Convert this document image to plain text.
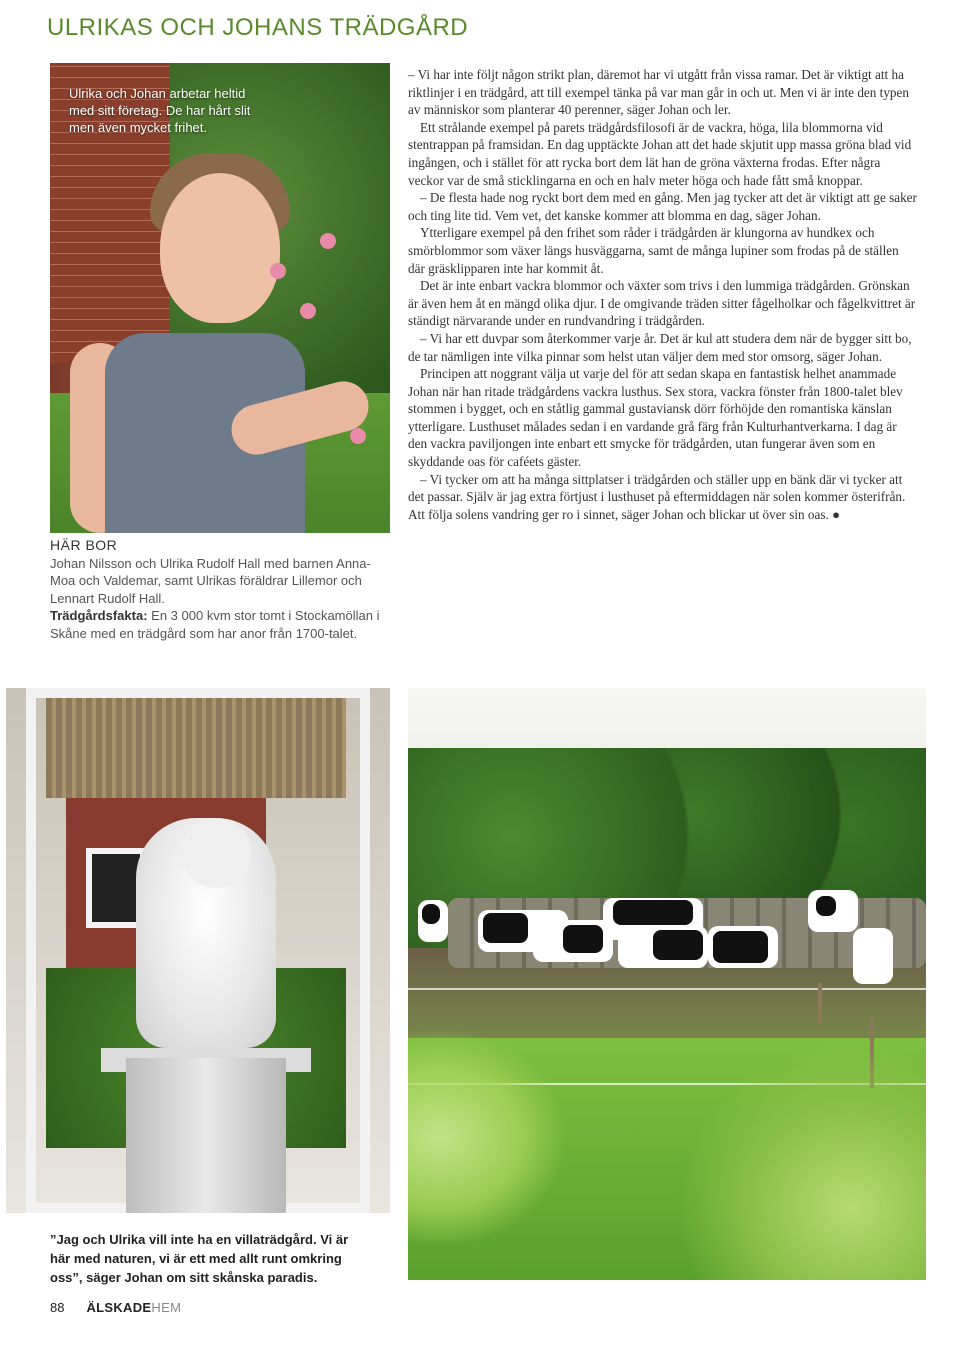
ULRIKAS OCH JOHANS TRÄDGÅRD
Ulrika och Johan arbetar heltid med sitt företag. De har hårt slit men även mycket frihet.
HÄR BOR
Johan Nilsson och Ulrika Rudolf Hall med barnen Anna-Moa och Valdemar, samt Ulrikas föräldrar Lillemor och Lennart Rudolf Hall.
Trädgårdsfakta: En 3 000 kvm stor tomt i Stockamöllan i Skåne med en trädgård som har anor från 1700-talet.

– Vi har inte följt någon strikt plan, däremot har vi utgått från vissa ramar. Det är viktigt att ha riktlinjer i en trädgård, att till exempel tänka på var man går in och ut. Men vi är inte den typen av människor som planterar 40 perenner, säger Johan och ler.

Ett strålande exempel på parets trädgårdsfilosofi är de vackra, höga, lila blommorna vid stentrappan på framsidan. En dag upptäckte Johan att det hade skjutit upp massa gröna blad vid ingången, och i stället för att rycka bort dem lät han de gröna växterna frodas. Efter några veckor var de små sticklingarna en och en halv meter höga och hade fått små knoppar.

– De flesta hade nog ryckt bort dem med en gång. Men jag tycker att det är viktigt att ge saker och ting lite tid. Vem vet, det kanske kommer att blomma en dag, säger Johan.

Ytterligare exempel på den frihet som råder i trädgården är klungorna av hundkex och smörblommor som växer längs husväggarna, samt de många lupiner som frodas på de ställen där gräsklipparen inte har kommit åt.

Det är inte enbart vackra blommor och växter som trivs i den lummiga trädgården. Grönskan är även hem åt en mängd olika djur. I de omgivande träden sitter fågelholkar och fågelkvittret är ständigt närvarande under en rundvandring i trädgården.

– Vi har ett duvpar som återkommer varje år. Det är kul att studera dem när de bygger sitt bo, de tar nämligen inte vilka pinnar som helst utan väljer dem med stor omsorg, säger Johan.

Principen att noggrant välja ut varje del för att sedan skapa en fantastisk helhet anammade Johan när han ritade trädgårdens vackra lusthus. Sex stora, vackra fönster från 1800-talet blev stommen i bygget, och en ståtlig gammal gustaviansk dörr förhöjde den romantiska känslan ytterligare. Lusthuset målades sedan i en vardande grå färg från Kulturhantverkarna. I dag är den vackra paviljongen inte enbart ett smycke för trädgården, utan fungerar även som en skyddande oas för caféets gäster.

– Vi tycker om att ha många sittplatser i trädgården och ställer upp en bänk där vi tycker att det passar. Själv är jag extra förtjust i lusthuset på eftermiddagen när solen kommer österifrån. Att följa solens vandring ger ro i sinnet, säger Johan och blickar ut över sin oas. ●

”Jag och Ulrika vill inte ha en villaträdgård. Vi är här med naturen, vi är ett med allt runt omkring oss”, säger Johan om sitt skånska paradis.
88 ÄLSKADEHEM
